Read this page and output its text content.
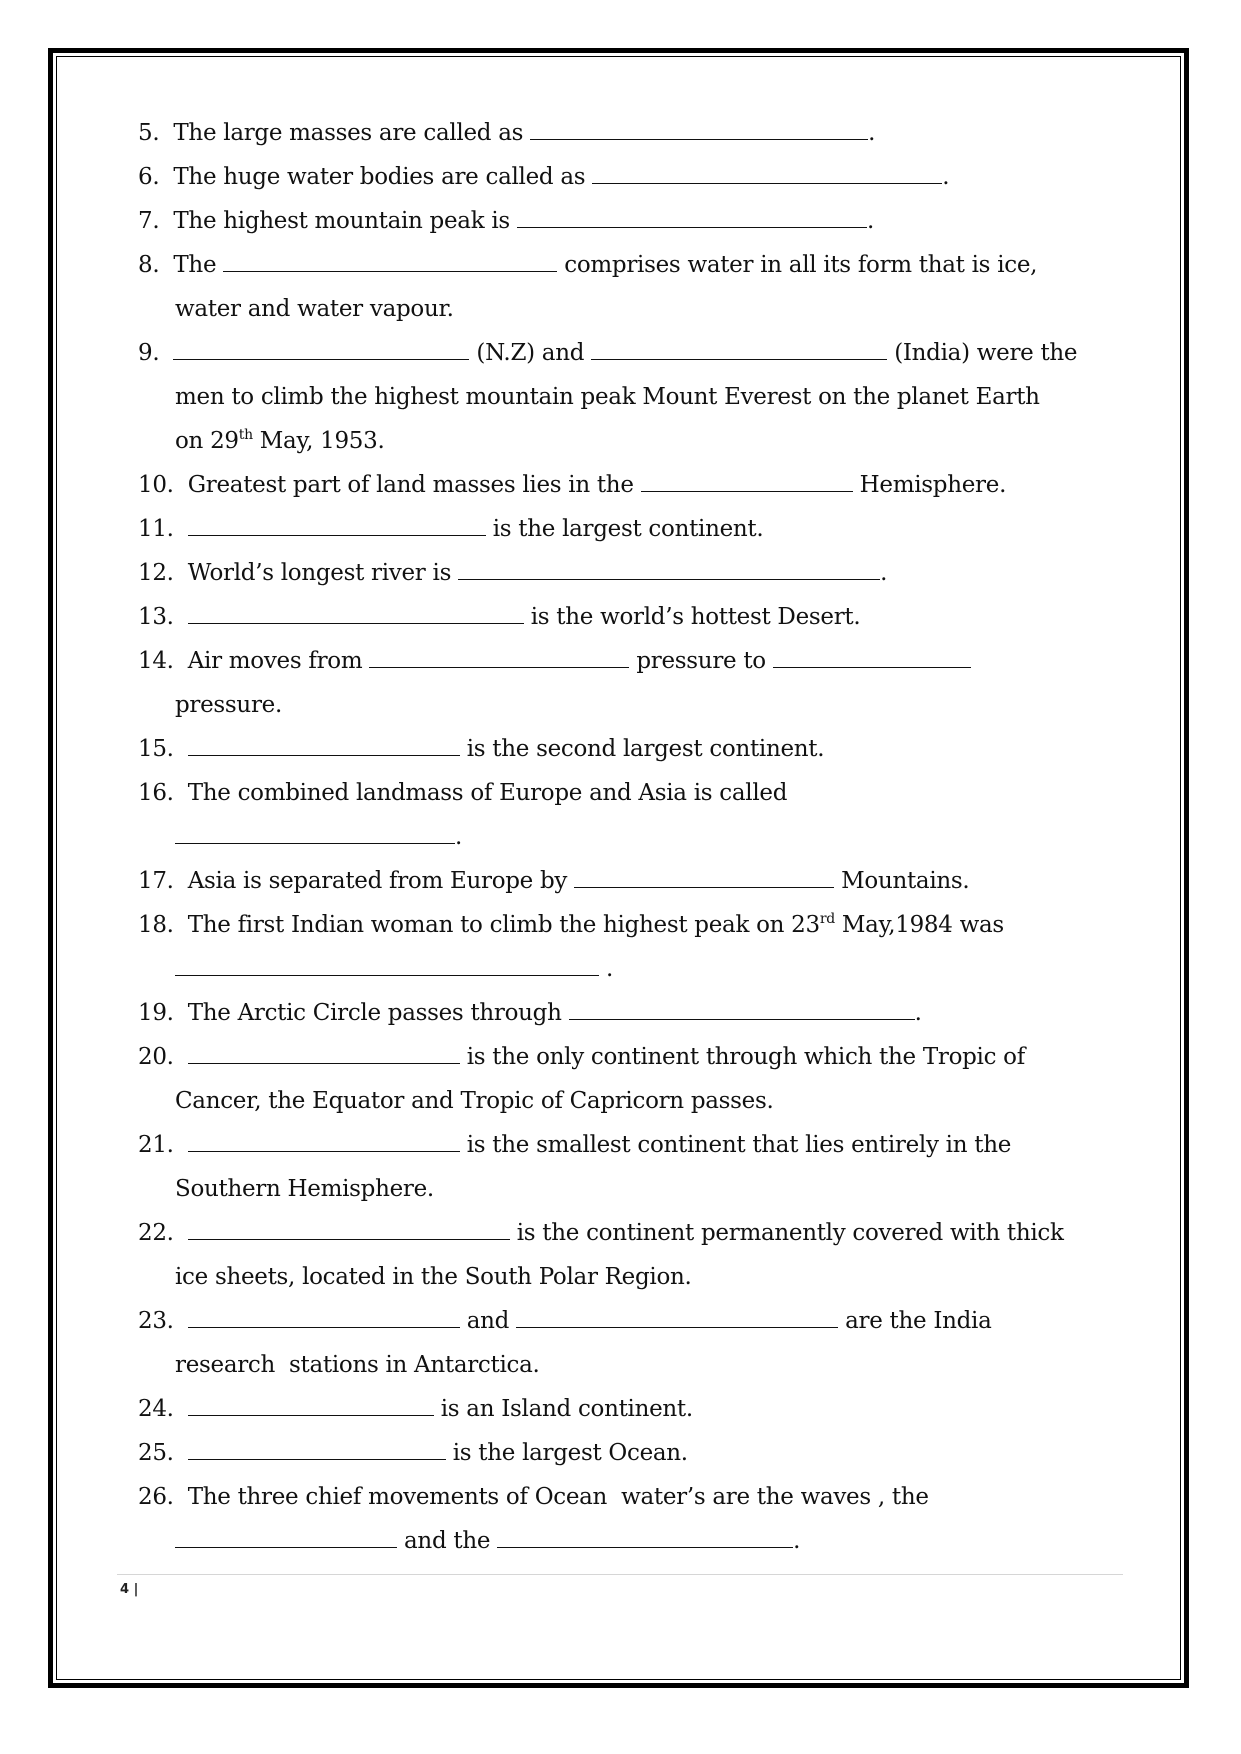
5. The large masses are called as	.
6. The huge water bodies are called as	.
7. The highest mountain peak is	.
8. The	comprises water in all its form that is ice,
water and water vapour.
9.	(N.Z) and	(India) were the
men to climb the highest mountain peak Mount Everest on the planet Earth
on 29th May, 1953.
10. Greatest part of land masses lies in the	Hemisphere.
11.	is the largest continent.
12. World’s longest river is	.
13.	is the world’s hottest Desert.
14. Air moves from	pressure to
pressure.
15.	is the second largest continent.
16. The combined landmass of Europe and Asia is called
.
17. Asia is separated from Europe by	Mountains.
18. The first Indian woman to climb the highest peak on 23rd May,1984 was
.
19. The Arctic Circle passes through	.
20.	is the only continent through which the Tropic of
Cancer, the Equator and Tropic of Capricorn passes.
21.	is the smallest continent that lies entirely in the
Southern Hemisphere.
22.	is the continent permanently covered with thick
ice sheets, located in the South Polar Region.
23.	and	are the India
research  stations in Antarctica.
24.	is an Island continent.
25.	is the largest Ocean.
26. The three chief movements of Ocean  water’s are the waves , the
and the	.
4 |
